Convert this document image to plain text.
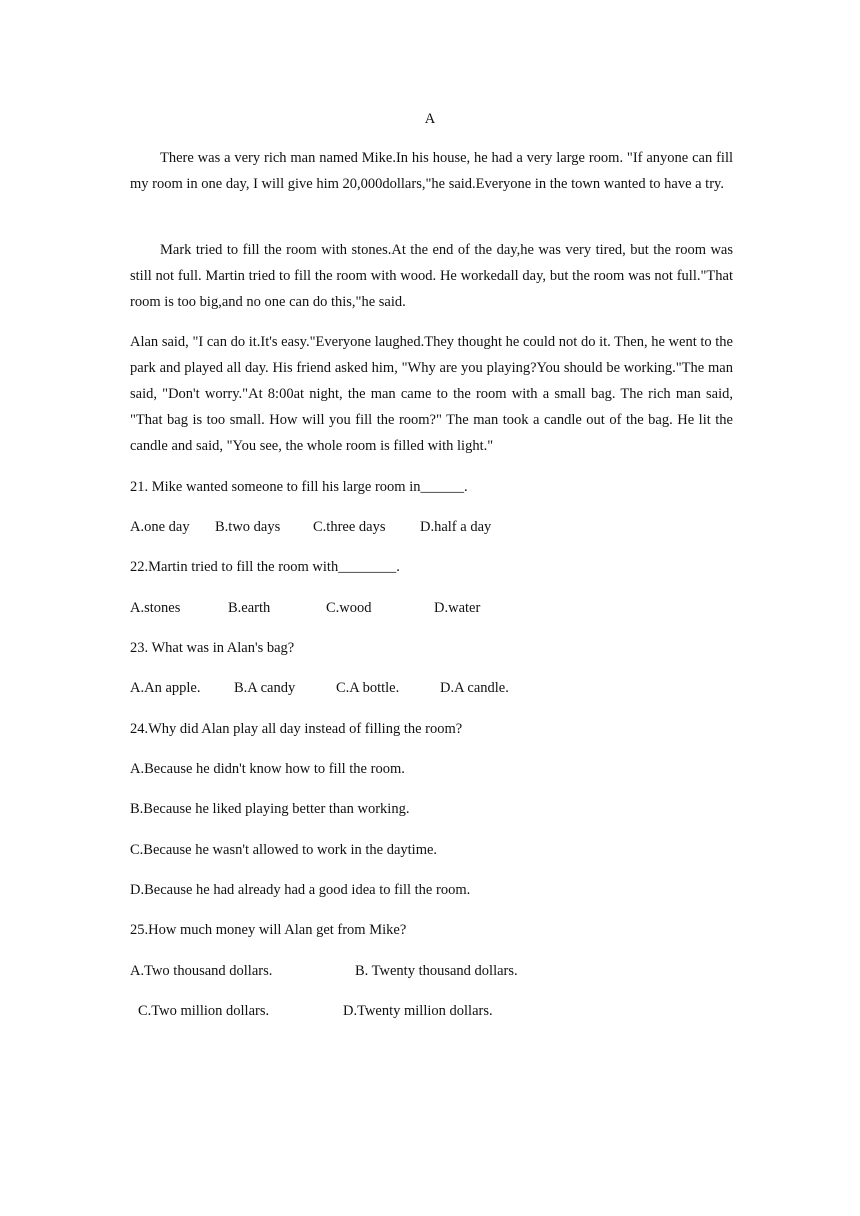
A

There was a very rich man named Mike.In his house, he had a very large room. "If anyone can fill my room in one day, I will give him 20,000dollars,"he said.Everyone in the town wanted to have a try.

Mark tried to fill the room with stones.At the end of the day,he was very tired, but the room was still not full. Martin tried to fill the room with wood. He workedall day, but the room was not full."That room is too big,and no one can do this,"he said.

Alan said, "I can do it.It's easy."Everyone laughed.They thought he could not do it. Then, he went to the park and played all day. His friend asked him, "Why are you playing?You should be working."The man said, "Don't worry."At 8:00at night, the man came to the room with a small bag. The rich man said, "That bag is too small. How will you fill the room?" The man took a candle out of the bag. He lit the candle and said, "You see, the whole room is filled with light."

21. Mike wanted someone to fill his large room in______.
A.one day B.two days C.three days D.half a day
22.Martin tried to fill the room with________.
A.stones	B.earth	C.wood	D.water
23. What was in Alan's bag?
A.An apple. B.A candy	C.A bottle.	D.A candle.
24.Why did Alan play all day instead of filling the room?
A.Because he didn't know how to fill the room.
B.Because he liked playing better than working.
C.Because he wasn't allowed to work in the daytime.
D.Because he had already had a good idea to fill the room.
25.How much money will Alan get from Mike?
A.Two thousand dollars.	B. Twenty thousand dollars.
C.Two million dollars.	D.Twenty million dollars.
